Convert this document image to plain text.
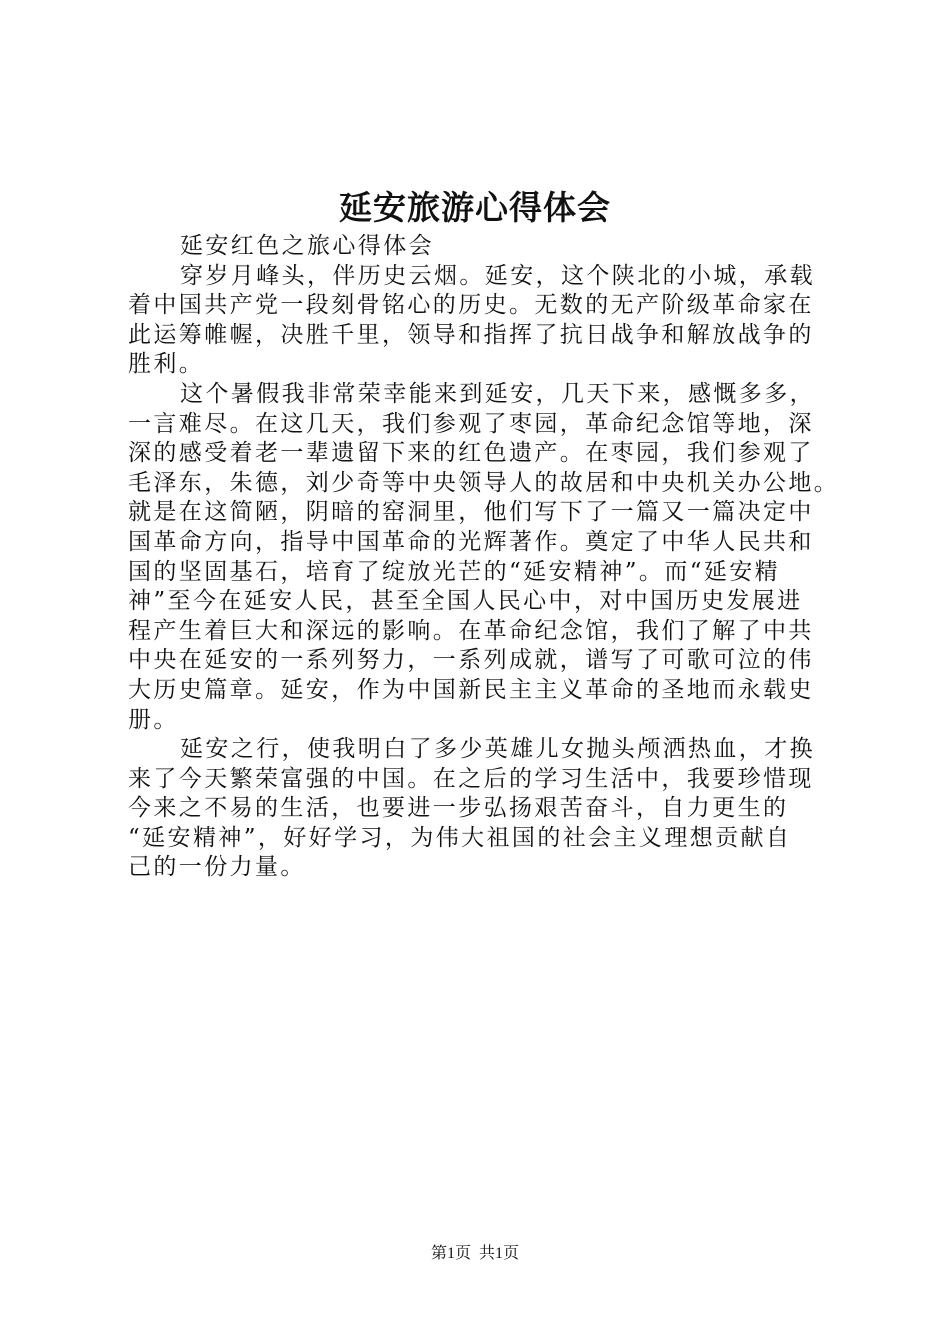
延安旅游心得体会
延安红色之旅心得体会
穿岁月峰头，伴历史云烟。延安，这个陕北的小城，承载
着中国共产党一段刻骨铭心的历史。无数的无产阶级革命家在
此运筹帷幄，决胜千里，领导和指挥了抗日战争和解放战争的
胜利。
这个暑假我非常荣幸能来到延安，几天下来，感慨多多，
一言难尽。在这几天，我们参观了枣园，革命纪念馆等地，深
深的感受着老一辈遗留下来的红色遗产。在枣园，我们参观了
毛泽东，朱德，刘少奇等中央领导人的故居和中央机关办公地。
就是在这简陋，阴暗的窑洞里，他们写下了一篇又一篇决定中
国革命方向，指导中国革命的光辉著作。奠定了中华人民共和
国的坚固基石，培育了绽放光芒的“延安精神”。而“延安精
神”至今在延安人民，甚至全国人民心中，对中国历史发展进
程产生着巨大和深远的影响。在革命纪念馆，我们了解了中共
中央在延安的一系列努力，一系列成就，谱写了可歌可泣的伟
大历史篇章。延安，作为中国新民主主义革命的圣地而永载史
册。
延安之行，使我明白了多少英雄儿女抛头颅洒热血，才换
来了今天繁荣富强的中国。在之后的学习生活中，我要珍惜现
今来之不易的生活，也要进一步弘扬艰苦奋斗，自力更生的
“延安精神”，好好学习，为伟大祖国的社会主义理想贡献自
己的一份力量。
第1页  共1页
